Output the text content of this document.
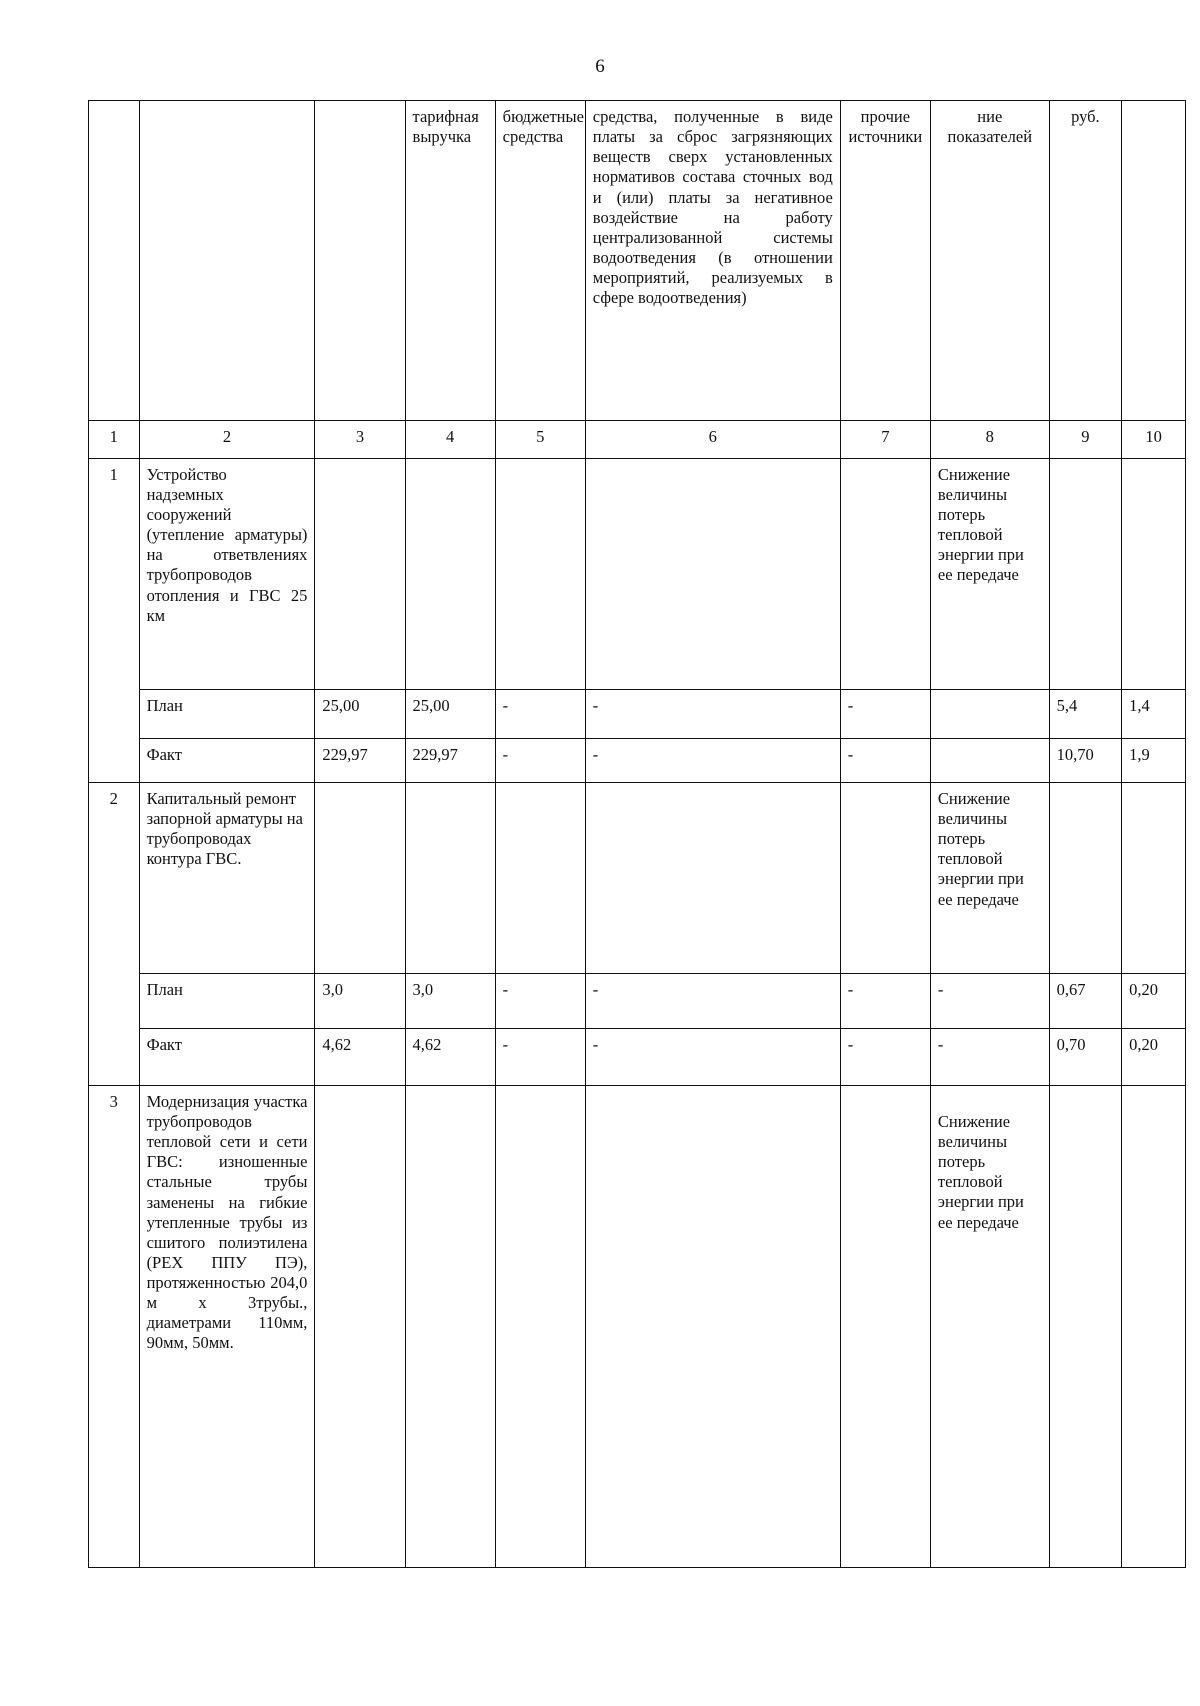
6
			тарифная выручка	бюджетные средства	средства, полученные в виде платы за сброс загрязняющих веществ сверх установленных нормативов состава сточных вод и (или) платы за негативное воздействие на работу централизованной системы водоотведения (в отношении мероприятий, реализуемых в сфере водоотведения)	прочие источники	ние показателей	руб.	
1	2	3	4	5	6	7	8	9	10
1	Устройство надземных сооружений (утепление арматуры) на ответвлениях трубопроводов отопления и ГВС 25 км						Снижение величины потерь тепловой энергии при ее передаче		
	План	25,00	25,00	-	-	-		5,4	1,4
	Факт	229,97	229,97	-	-	-		10,70	1,9
2	Капитальный ремонт запорной арматуры на трубопроводах контура ГВС.						Снижение величины потерь тепловой энергии при ее передаче		
	План	3,0	3,0	-	-	-	-	0,67	0,20
	Факт	4,62	4,62	-	-	-	-	0,70	0,20
3	Модернизация участка трубопроводов тепловой сети и сети ГВС: изношенные стальные трубы заменены на гибкие утепленные трубы из сшитого полиэтилена (РЕХ ППУ ПЭ), протяженностью 204,0 м х 3трубы., диаметрами 110мм, 90мм, 50мм.						Снижение величины потерь тепловой энергии при ее передаче		
